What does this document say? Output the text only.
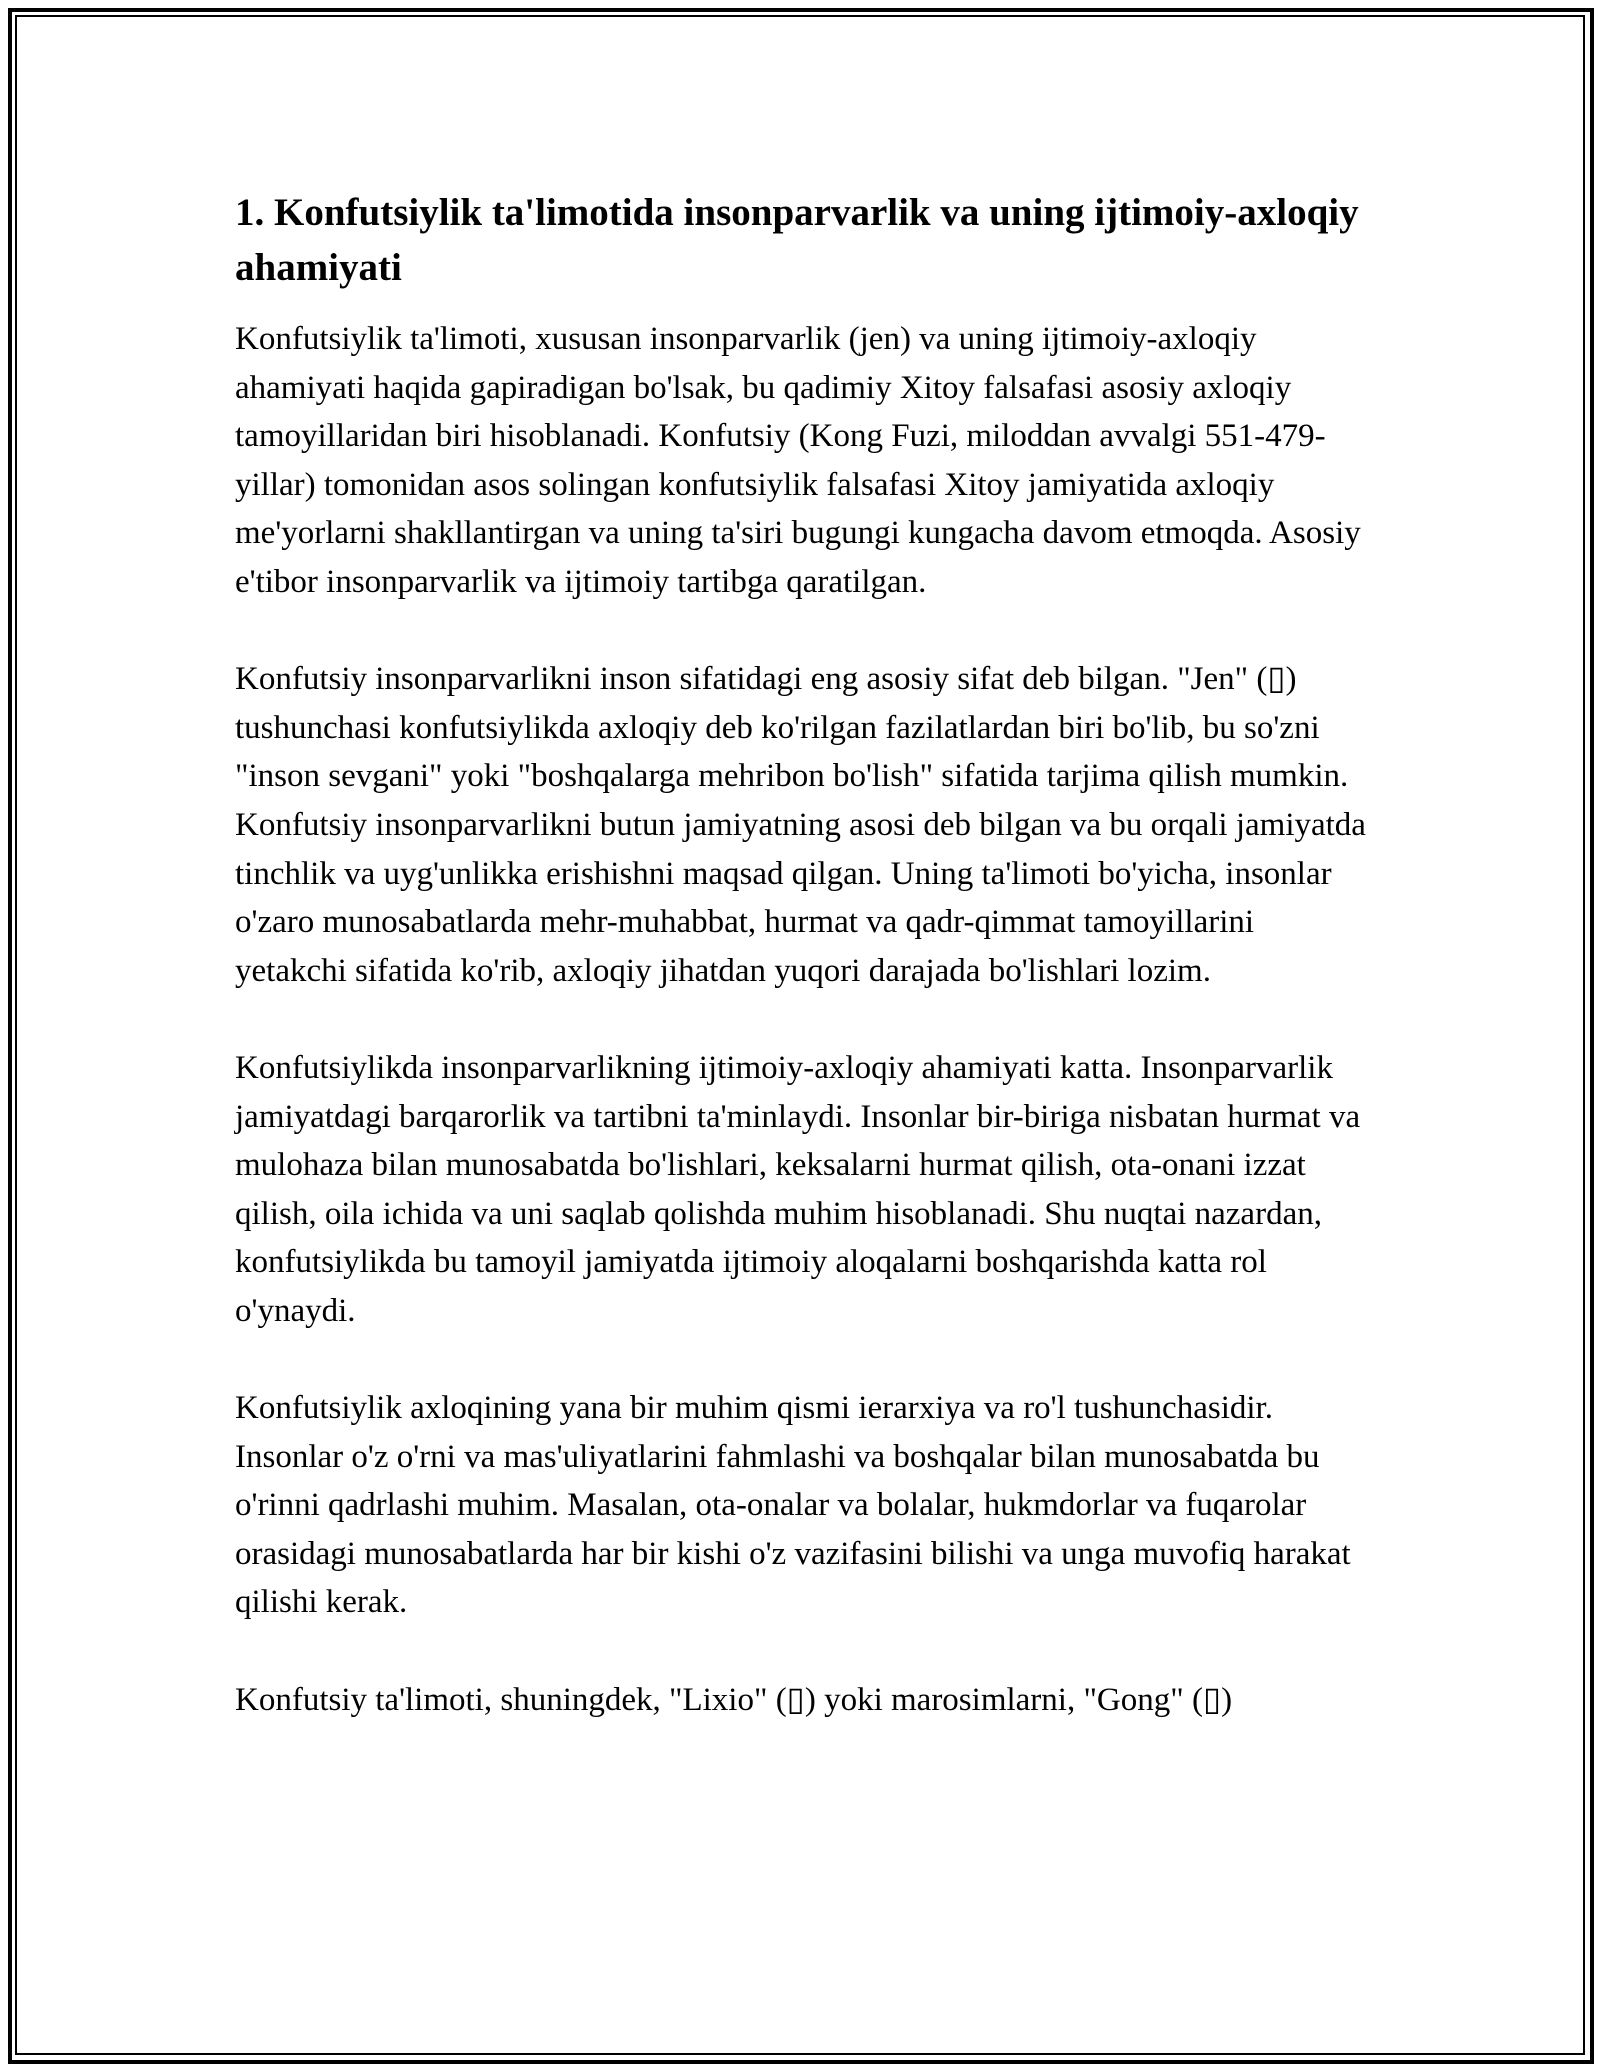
1. Konfutsiylik ta'limotida insonparvarlik va uning ijtimoiy-axloqiy ahamiyati

Konfutsiylik ta'limoti, xususan insonparvarlik (jen) va uning ijtimoiy-axloqiy ahamiyati haqida gapiradigan bo'lsak, bu qadimiy Xitoy falsafasi asosiy axloqiy tamoyillaridan biri hisoblanadi. Konfutsiy (Kong Fuzi, miloddan avvalgi 551-479-yillar) tomonidan asos solingan konfutsiylik falsafasi Xitoy jamiyatida axloqiy me'yorlarni shakllantirgan va uning ta'siri bugungi kungacha davom etmoqda. Asosiy e'tibor insonparvarlik va ijtimoiy tartibga qaratilgan.

Konfutsiy insonparvarlikni inson sifatidagi eng asosiy sifat deb bilgan. "Jen" (▯) tushunchasi konfutsiylikda axloqiy deb ko'rilgan fazilatlardan biri bo'lib, bu so'zni "inson sevgani" yoki "boshqalarga mehribon bo'lish" sifatida tarjima qilish mumkin. Konfutsiy insonparvarlikni butun jamiyatning asosi deb bilgan va bu orqali jamiyatda tinchlik va uyg'unlikka erishishni maqsad qilgan. Uning ta'limoti bo'yicha, insonlar o'zaro munosabatlarda mehr-muhabbat, hurmat va qadr-qimmat tamoyillarini yetakchi sifatida ko'rib, axloqiy jihatdan yuqori darajada bo'lishlari lozim.

Konfutsiylikda insonparvarlikning ijtimoiy-axloqiy ahamiyati katta. Insonparvarlik jamiyatdagi barqarorlik va tartibni ta'minlaydi. Insonlar bir-biriga nisbatan hurmat va mulohaza bilan munosabatda bo'lishlari, keksalarni hurmat qilish, ota-onani izzat qilish, oila ichida va uni saqlab qolishda muhim hisoblanadi. Shu nuqtai nazardan, konfutsiylikda bu tamoyil jamiyatda ijtimoiy aloqalarni boshqarishda katta rol o'ynaydi.

Konfutsiylik axloqining yana bir muhim qismi ierarxiya va ro'l tushunchasidir. Insonlar o'z o'rni va mas'uliyatlarini fahmlashi va boshqalar bilan munosabatda bu o'rinni qadrlashi muhim. Masalan, ota-onalar va bolalar, hukmdorlar va fuqarolar orasidagi munosabatlarda har bir kishi o'z vazifasini bilishi va unga muvofiq harakat qilishi kerak.

Konfutsiy ta'limoti, shuningdek, "Lixio" (▯) yoki marosimlarni, "Gong" (▯)
